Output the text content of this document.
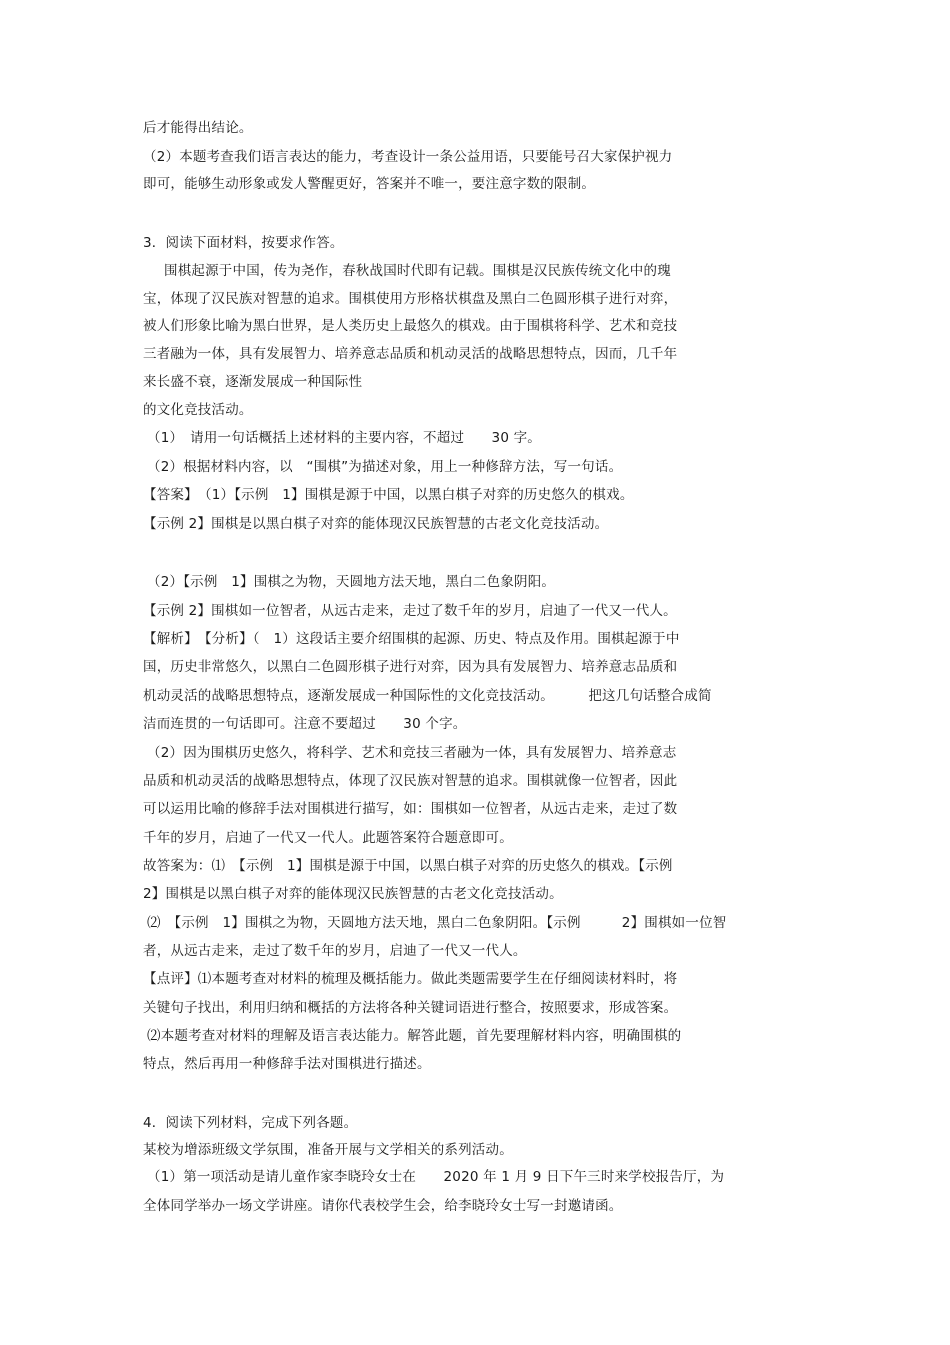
后才能得出结论。
（2）本题考查我们语言表达的能力，考查设计一条公益用语，只要能号召大家保护视力
即可，能够生动形象或发人警醒更好，答案并不唯一，要注意字数的限制。
3．阅读下面材料，按要求作答。
围棋起源于中国，传为尧作，春秋战国时代即有记载。围棋是汉民族传统文化中的瑰
宝，体现了汉民族对智慧的追求。围棋使用方形格状棋盘及黑白二色圆形棋子进行对弈，
被人们形象比喻为黑白世界，是人类历史上最悠久的棋戏。由于围棋将科学、艺术和竞技
三者融为一体，具有发展智力、培养意志品质和机动灵活的战略思想特点，因而，几千年
来长盛不衰，逐渐发展成一种国际性
的文化竞技活动。
（1）　请用一句话概括上述材料的主要内容，不超过　　30 字。
（2）根据材料内容，以　“围棋”为描述对象，用上一种修辞方法，写一句话。
【答案】　（1）【示例　1】围棋是源于中国，以黑白棋子对弈的历史悠久的棋戏。
【示例 2】围棋是以黑白棋子对弈的能体现汉民族智慧的古老文化竞技活动。
（2）【示例　1】围棋之为物，天圆地方法天地，黑白二色象阴阳。
【示例 2】围棋如一位智者，从远古走来，走过了数千年的岁月，启迪了一代又一代人。
【解析】　【分析】（　1）这段话主要介绍围棋的起源、历史、特点及作用。围棋起源于中
国，历史非常悠久，以黑白二色圆形棋子进行对弈，因为具有发展智力、培养意志品质和
机动灵活的战略思想特点，逐渐发展成一种国际性的文化竞技活动。　　　把这几句话整合成简
洁而连贯的一句话即可。注意不要超过　　30 个字。
（2）因为围棋历史悠久，将科学、艺术和竞技三者融为一体，具有发展智力、培养意志
品质和机动灵活的战略思想特点，体现了汉民族对智慧的追求。围棋就像一位智者，因此
可以运用比喻的修辞手法对围棋进行描写，如：围棋如一位智者，从远古走来，走过了数
千年的岁月，启迪了一代又一代人。此题答案符合题意即可。
故答案为：⑴　【示例　1】围棋是源于中国，以黑白棋子对弈的历史悠久的棋戏。【示例
2】围棋是以黑白棋子对弈的能体现汉民族智慧的古老文化竞技活动。
⑵　【示例　1】围棋之为物，天圆地方法天地，黑白二色象阴阳。【示例　　　2】围棋如一位智
者，从远古走来，走过了数千年的岁月，启迪了一代又一代人。
【点评】⑴本题考查对材料的梳理及概括能力。做此类题需要学生在仔细阅读材料时，将
关键句子找出，利用归纳和概括的方法将各种关键词语进行整合，按照要求，形成答案。
⑵本题考查对材料的理解及语言表达能力。解答此题，首先要理解材料内容，明确围棋的
特点，然后再用一种修辞手法对围棋进行描述。
4．阅读下列材料，完成下列各题。
某校为增添班级文学氛围，准备开展与文学相关的系列活动。
（1）第一项活动是请儿童作家李晓玲女士在　　2020 年 1 月 9 日下午三时来学校报告厅，为
全体同学举办一场文学讲座。请你代表校学生会，给李晓玲女士写一封邀请函。
